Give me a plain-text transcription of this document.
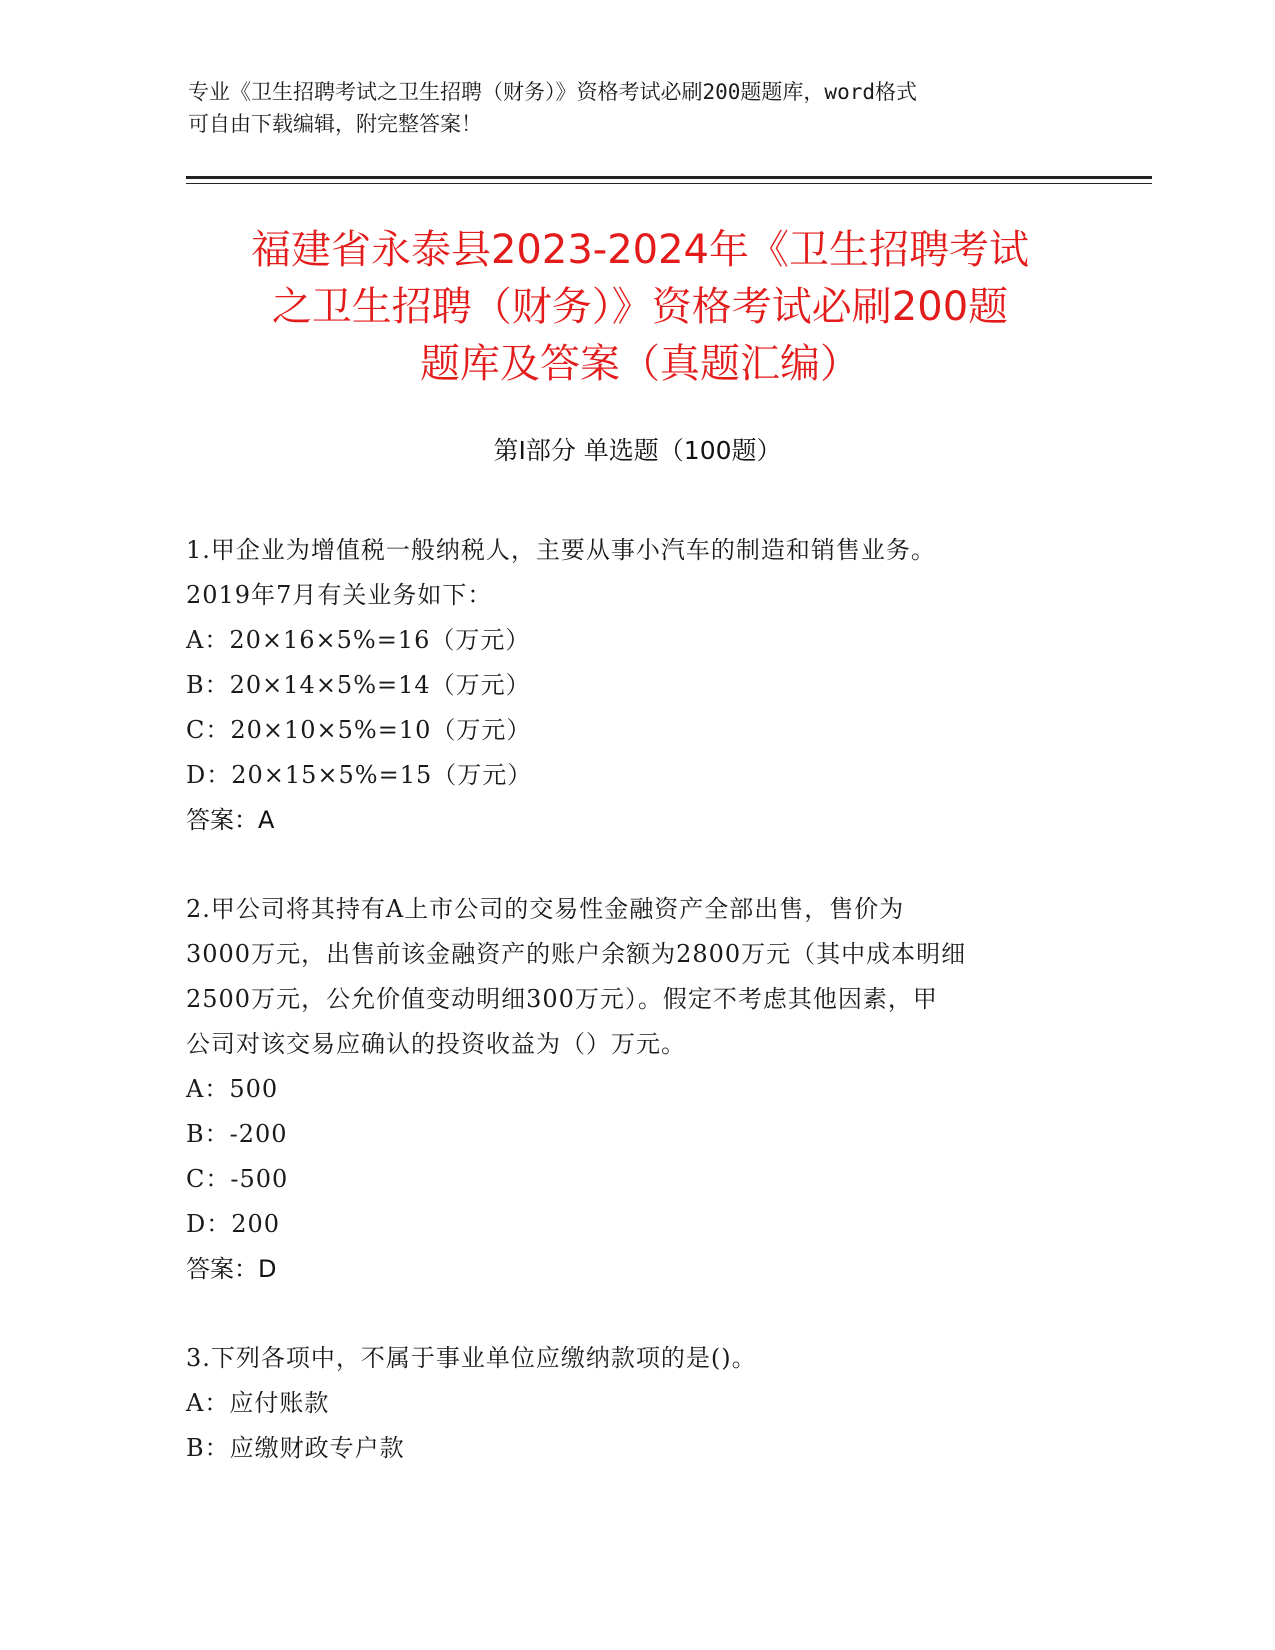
专业《卫生招聘考试之卫生招聘（财务）》资格考试必刷200题题库，word格式
可自由下载编辑，附完整答案！
福建省永泰县2023-2024年《卫生招聘考试
之卫生招聘（财务）》资格考试必刷200题
题库及答案（真题汇编）
第I部分 单选题（100题）
1.甲企业为增值税一般纳税人，主要从事小汽车的制造和销售业务。
2019年7月有关业务如下：
A：20×16×5%=16（万元）
B：20×14×5%=14（万元）
C：20×10×5%=10（万元）
D：20×15×5%=15（万元）
答案：A
2.甲公司将其持有A上市公司的交易性金融资产全部出售，售价为
3000万元，出售前该金融资产的账户余额为2800万元（其中成本明细
2500万元，公允价值变动明细300万元）。假定不考虑其他因素，甲
公司对该交易应确认的投资收益为（）万元。
A：500
B：-200
C：-500
D：200
答案：D
3.下列各项中，不属于事业单位应缴纳款项的是()。
A：应付账款
B：应缴财政专户款
